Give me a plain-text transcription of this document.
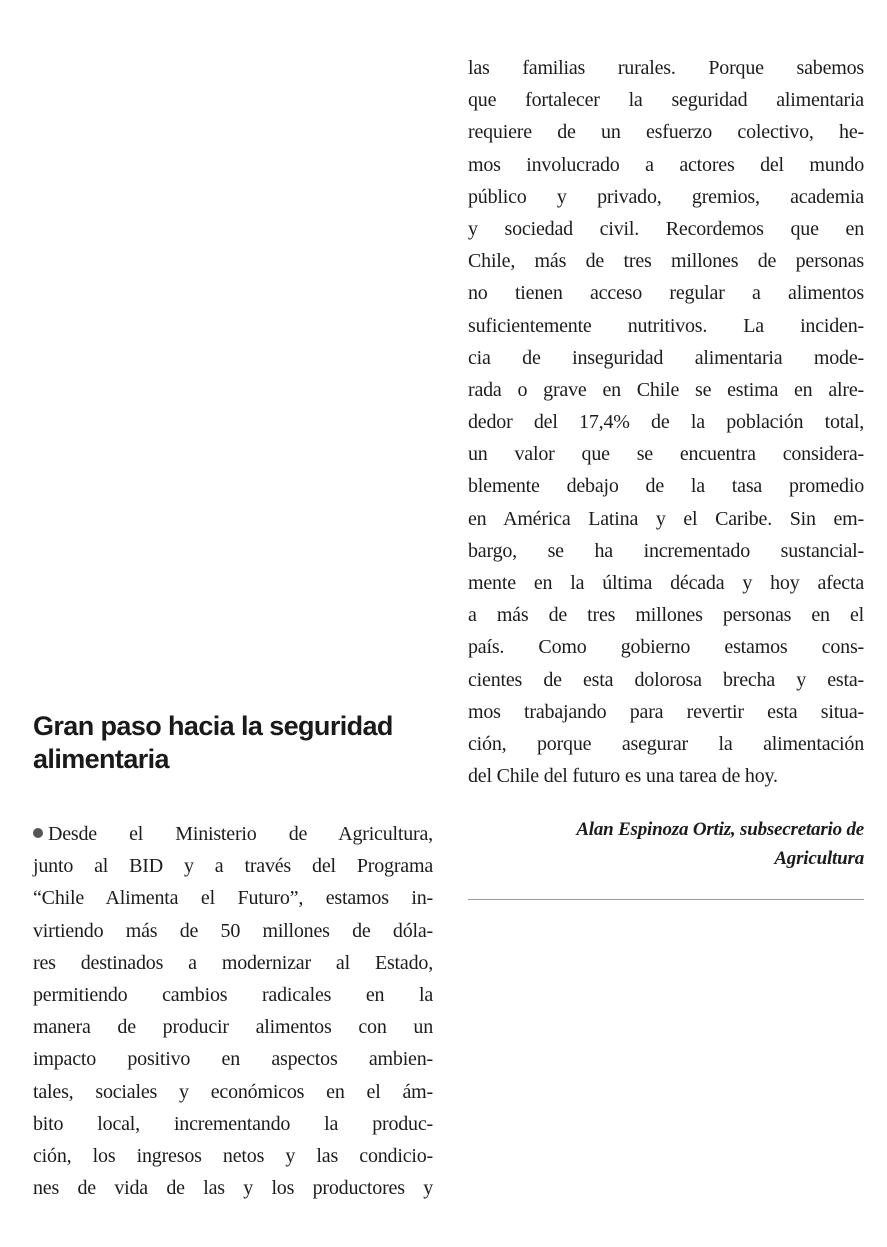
Gran paso hacia la seguridad
alimentaria
Desde el Ministerio de Agricultura,
junto al BID y a través del Programa
“Chile Alimenta el Futuro”, estamos in-
virtiendo más de 50 millones de dóla-
res destinados a modernizar al Estado,
permitiendo cambios radicales en la
manera de producir alimentos con un
impacto positivo en aspectos ambien-
tales, sociales y económicos en el ám-
bito local, incrementando la produc-
ción, los ingresos netos y las condicio-
nes de vida de las y los productores y
las familias rurales. Porque sabemos
que fortalecer la seguridad alimentaria
requiere de un esfuerzo colectivo, he-
mos involucrado a actores del mundo
público y privado, gremios, academia
y sociedad civil. Recordemos que en
Chile, más de tres millones de personas
no tienen acceso regular a alimentos
suficientemente nutritivos. La inciden-
cia de inseguridad alimentaria mode-
rada o grave en Chile se estima en alre-
dedor del 17,4% de la población total,
un valor que se encuentra considera-
blemente debajo de la tasa promedio
en América Latina y el Caribe. Sin em-
bargo, se ha incrementado sustancial-
mente en la última década y hoy afecta
a más de tres millones personas en el
país. Como gobierno estamos cons-
cientes de esta dolorosa brecha y esta-
mos trabajando para revertir esta situa-
ción, porque asegurar la alimentación
del Chile del futuro es una tarea de hoy.
Alan Espinoza Ortiz, subsecretario de
Agricultura
